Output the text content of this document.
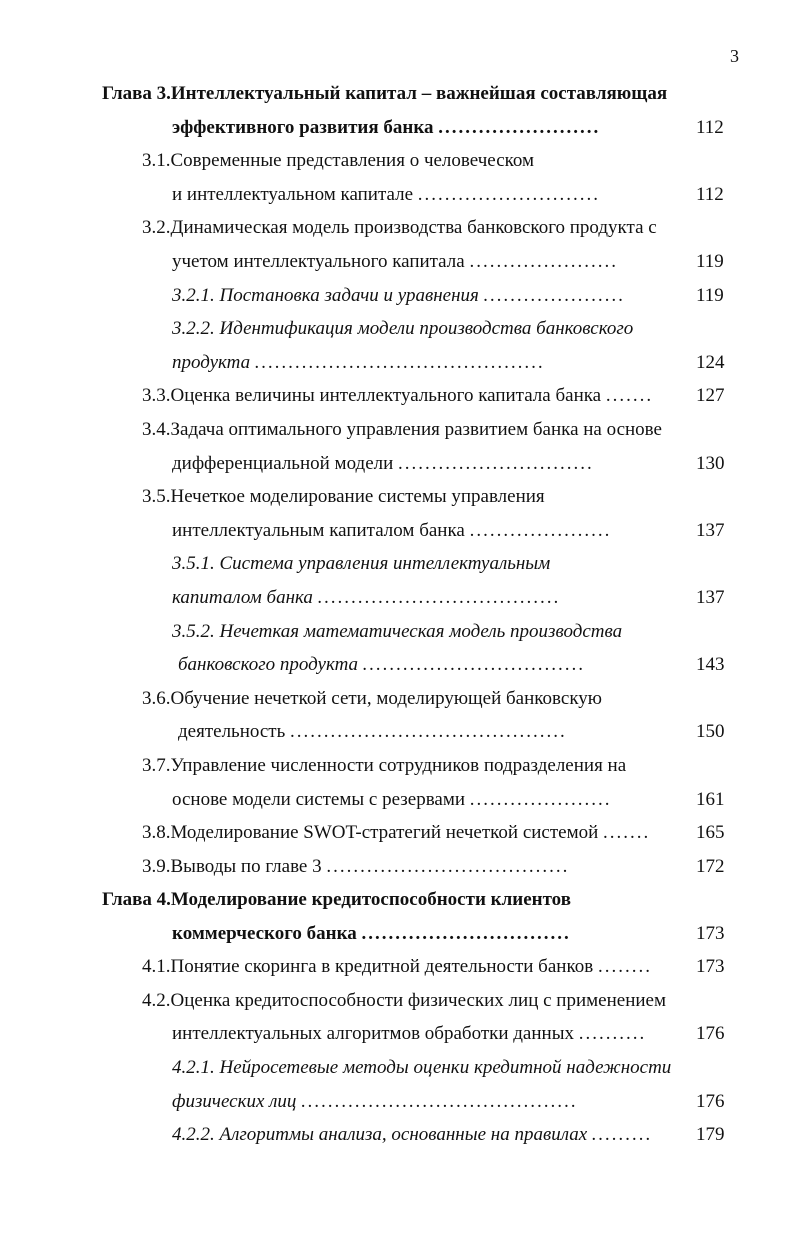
3
Глава 3.Интеллектуальный капитал – важнейшая составляющая
эффективного развития банка ........................	112
3.1.Современные представления о человеческом
и интеллектуальном капитале ...........................	112
3.2.Динамическая модель производства банковского продукта с
учетом интеллектуального капитала ......................	119
3.2.1. Постановка задачи и уравнения .....................	119
3.2.2. Идентификация модели производства банковского
продукта ...........................................	124
3.3.Оценка величины интеллектуального капитала банка ....... 127
3.4.Задача оптимального управления развитием банка на основе
дифференциальной модели .............................	130
3.5.Нечеткое моделирование системы управления
интеллектуальным капиталом банка .....................	137
3.5.1. Система управления интеллектуальным
капиталом банка ....................................	137
3.5.2. Нечеткая математическая модель производства
банковского продукта .................................	143
3.6.Обучение нечеткой сети, моделирующей банковскую
деятельность .........................................	150
3.7.Управление численности сотрудников подразделения на
основе модели системы с резервами .....................	161
3.8.Моделирование SWOT-стратегий нечеткой системой ....... 165
3.9.Выводы по главе 3 ....................................	172
Глава 4.Моделирование кредитоспособности клиентов
коммерческого банка ...............................	173
4.1.Понятие скоринга в кредитной деятельности банков ........ 173
4.2.Оценка кредитоспособности физических лиц с применением
интеллектуальных алгоритмов обработки данных ..........	176
4.2.1. Нейросетевые методы оценки кредитной надежности
физических лиц .........................................	176
4.2.2. Алгоритмы анализа, основанные на правилах ......... 179
